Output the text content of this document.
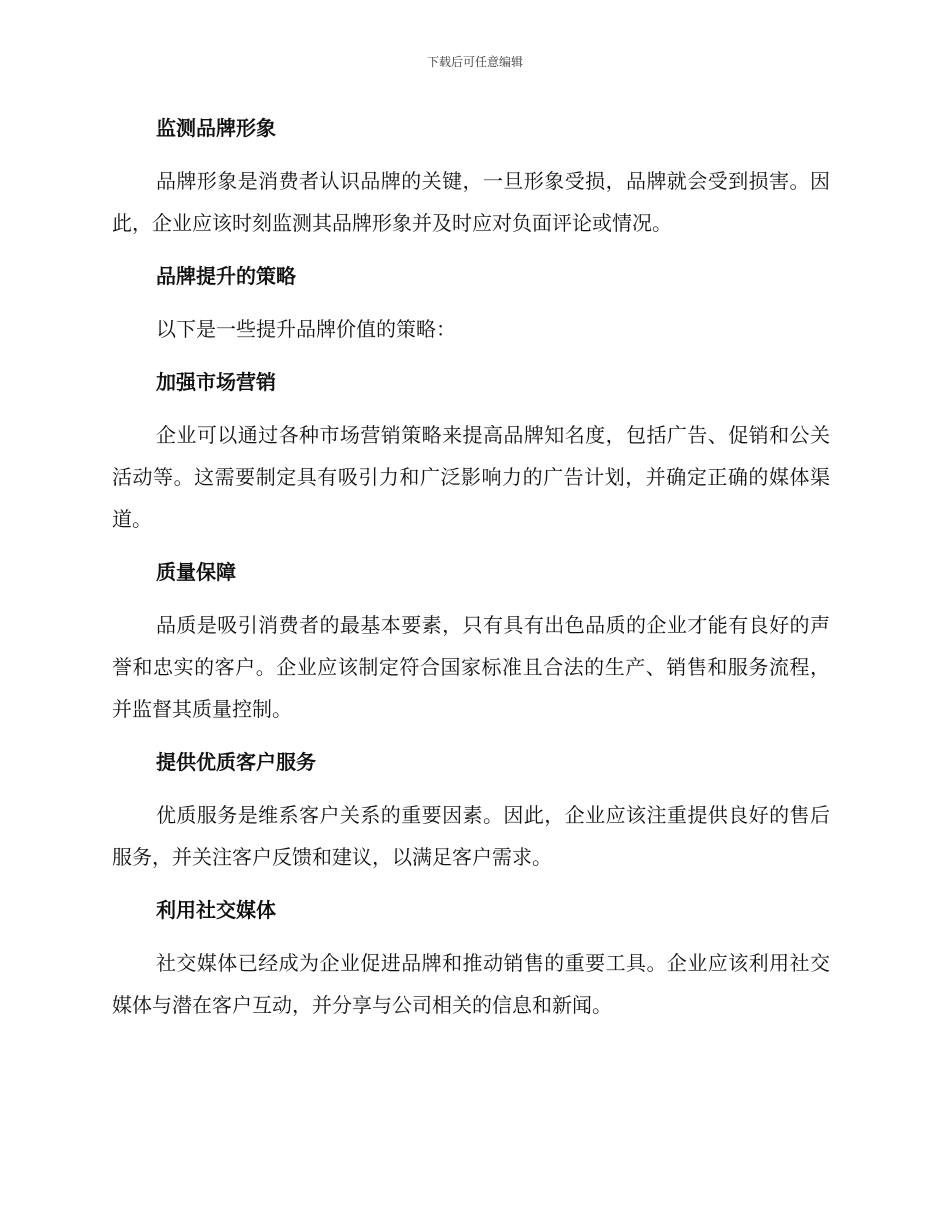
下载后可任意编辑
监测品牌形象

品牌形象是消费者认识品牌的关键，一旦形象受损，品牌就会受到损害。因此，企业应该时刻监测其品牌形象并及时应对负面评论或情况。

品牌提升的策略

以下是一些提升品牌价值的策略：

加强市场营销

企业可以通过各种市场营销策略来提高品牌知名度，包括广告、促销和公关活动等。这需要制定具有吸引力和广泛影响力的广告计划，并确定正确的媒体渠道。

质量保障

品质是吸引消费者的最基本要素，只有具有出色品质的企业才能有良好的声誉和忠实的客户。企业应该制定符合国家标准且合法的生产、销售和服务流程，并监督其质量控制。

提供优质客户服务

优质服务是维系客户关系的重要因素。因此，企业应该注重提供良好的售后服务，并关注客户反馈和建议，以满足客户需求。

利用社交媒体

社交媒体已经成为企业促进品牌和推动销售的重要工具。企业应该利用社交媒体与潜在客户互动，并分享与公司相关的信息和新闻。
